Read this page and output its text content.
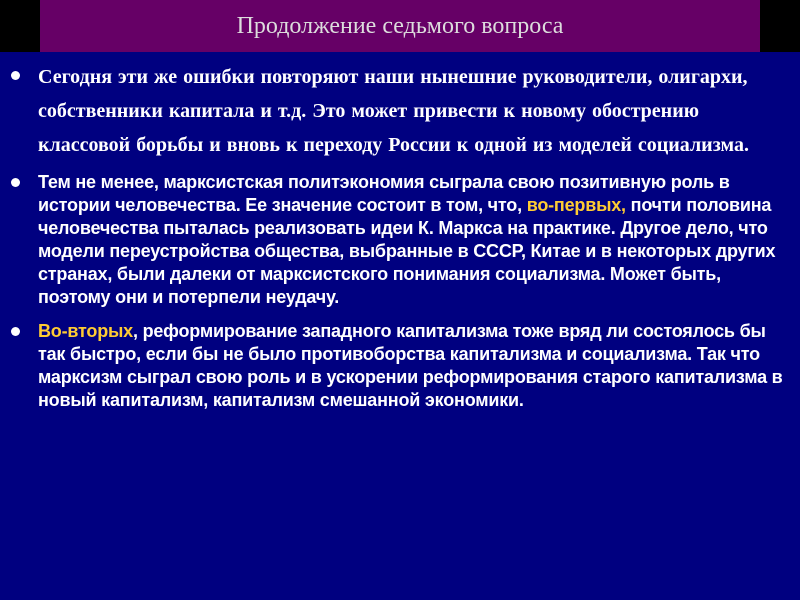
Продолжение седьмого вопроса
Сегодня эти же ошибки повторяют наши нынешние руководители, олигархи, собственники капитала и т.д. Это может привести к новому обострению классовой борьбы и вновь к переходу России к одной из моделей социализма.
Тем не менее, марксистская политэкономия сыграла свою позитивную роль в истории человечества. Ее значение состоит в том, что, во-первых, почти половина человечества пыталась реализовать идеи К. Маркса на практике. Другое дело, что модели переустройства общества, выбранные в СССР, Китае и в некоторых других странах, были далеки от марксистского понимания социализма. Может быть, поэтому они и потерпели неудачу.
Во-вторых, реформирование западного капитализма тоже вряд ли состоялось бы так быстро, если бы не было противоборства капитализма и социализма. Так что марксизм сыграл свою роль и в ускорении реформирования старого капитализма в новый капитализм, капитализм смешанной экономики.
